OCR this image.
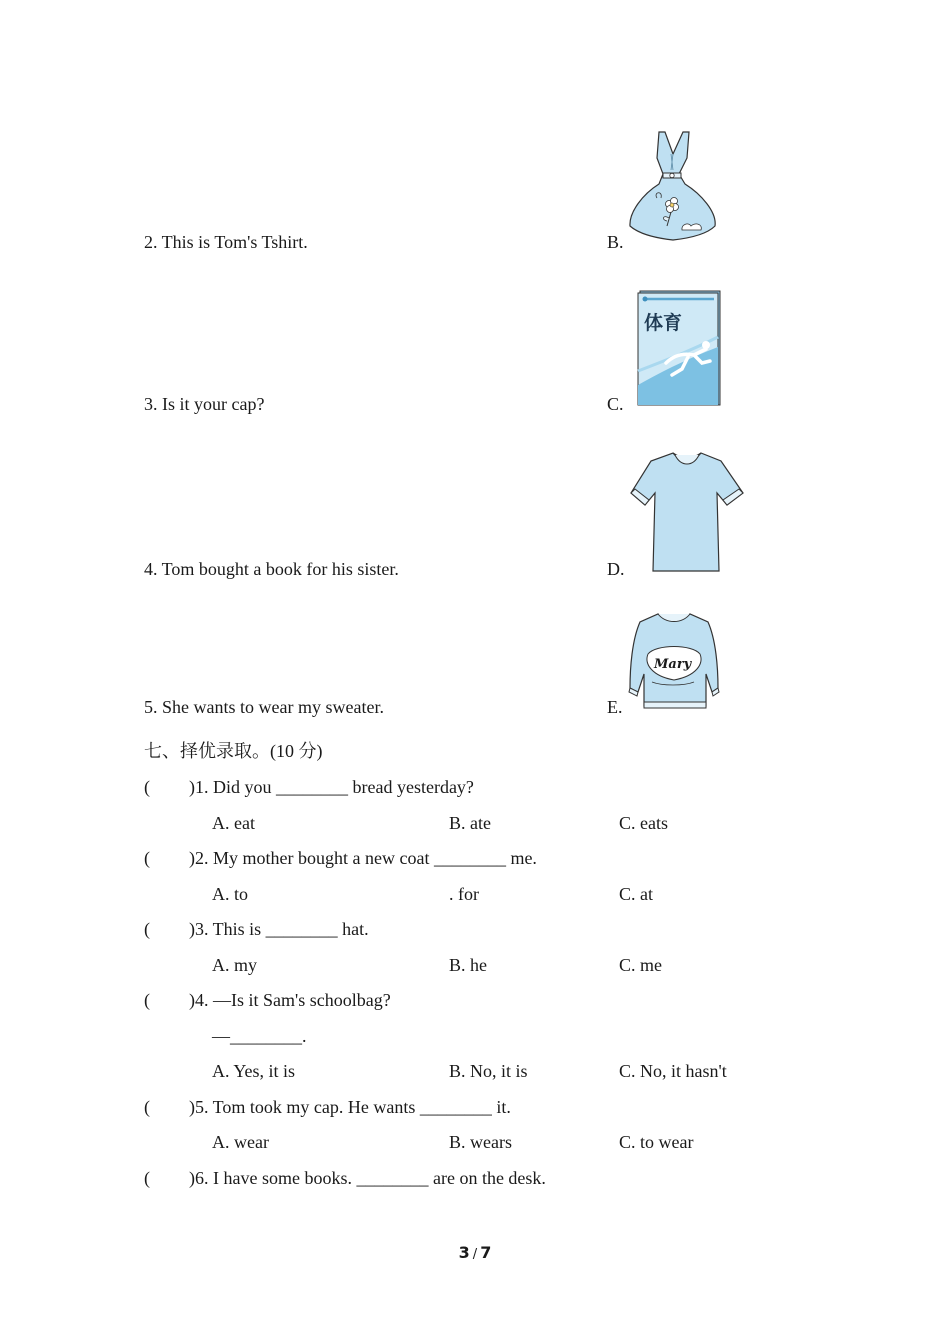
2. This is Tom's Tshirt.	B.
3. Is it your cap?	C.
体育
4. Tom bought a book for his sister.	D.
5. She wants to wear my sweater.	E.
Mary
七、择优录取。(10 分)
( )1. Did you ________ bread yesterday?
A. eat	B. ate	C. eats
( )2. My mother bought a new coat ________ me.
A. to	. for	C. at
( )3. This is ________ hat.
A. my	B. he	C. me
( )4. —Is it Sam's schoolbag?
—________.
A. Yes, it is	B. No, it is	C. No, it hasn't
( )5. Tom took my cap. He wants ________ it.
A. wear	B. wears	C. to wear
( )6. I have some books. ________ are on the desk.
3 / 7
